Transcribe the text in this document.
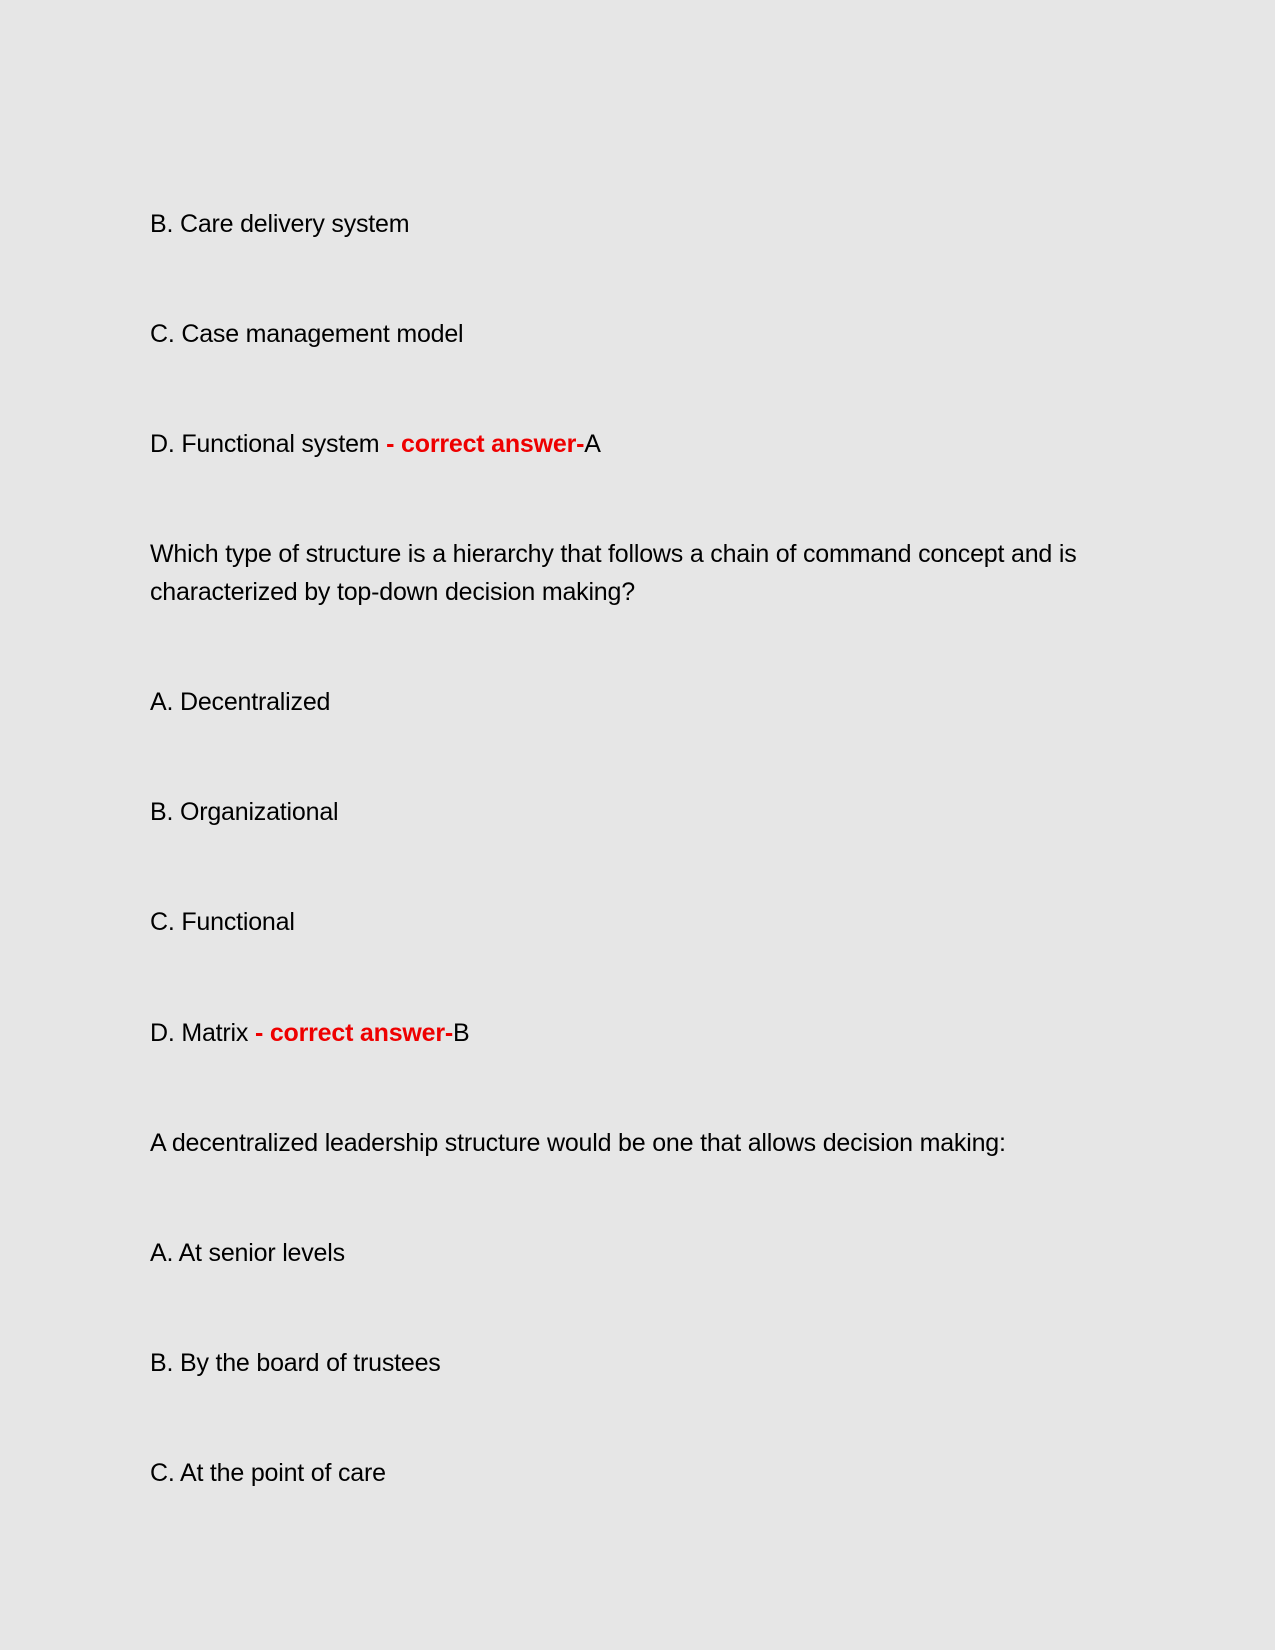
B. Care delivery system
C. Case management model
D. Functional system - correct answer-A
Which type of structure is a hierarchy that follows a chain of command concept and is characterized by top-down decision making?
A. Decentralized
B. Organizational
C. Functional
D. Matrix - correct answer-B
A decentralized leadership structure would be one that allows decision making:
A. At senior levels
B. By the board of trustees
C. At the point of care
